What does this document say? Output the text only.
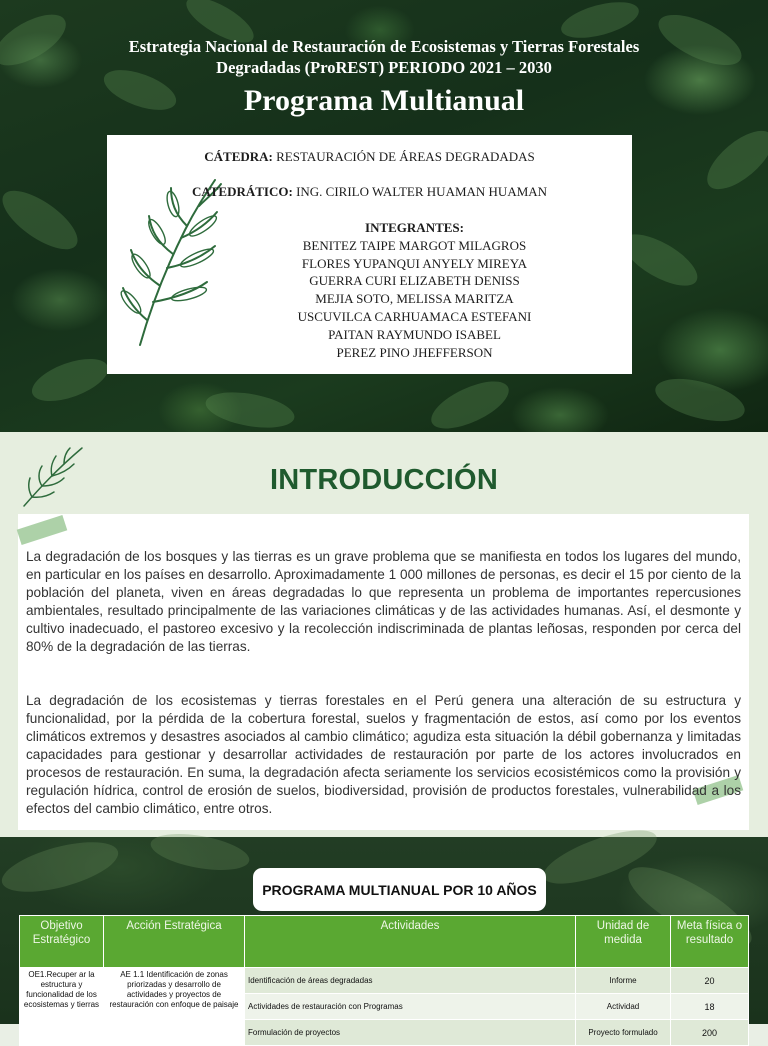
Estrategia Nacional de Restauración de Ecosistemas y Tierras Forestales
Degradadas (ProREST) PERIODO 2021 – 2030
Programa Multianual
CÁTEDRA: RESTAURACIÓN DE ÁREAS DEGRADADAS
CATEDRÁTICO: ING. CIRILO WALTER HUAMAN HUAMAN
INTEGRANTES:
BENITEZ TAIPE MARGOT MILAGROS
FLORES YUPANQUI ANYELY MIREYA
GUERRA CURI ELIZABETH DENISS
MEJIA SOTO, MELISSA MARITZA
USCUVILCA CARHUAMACA ESTEFANI
PAITAN RAYMUNDO ISABEL
PEREZ PINO JHEFFERSON
INTRODUCCIÓN

La degradación de los bosques y las tierras es un grave problema que se manifiesta en todos los lugares del mundo, en particular en los países en desarrollo. Aproximadamente 1 000 millones de personas, es decir el 15 por ciento de la población del planeta, viven en áreas degradadas lo que representa un problema de importantes repercusiones ambientales, resultado principalmente de las variaciones climáticas y de las actividades humanas. Así, el desmonte y cultivo inadecuado, el pastoreo excesivo y la recolección indiscriminada de plantas leñosas, responden por cerca del 80% de la degradación de las tierras.

La degradación de los ecosistemas y tierras forestales en el Perú genera una alteración de su estructura y funcionalidad, por la pérdida de la cobertura forestal, suelos y fragmentación de estos, así como por los eventos climáticos extremos y desastres asociados al cambio climático; agudiza esta situación la débil gobernanza y limitadas capacidades para gestionar y desarrollar actividades de restauración por parte de los actores involucrados en procesos de restauración. En suma, la degradación afecta seriamente los servicios ecosistémicos como la provisión y regulación hídrica, control de erosión de suelos, biodiversidad, provisión de productos forestales, vulnerabilidad a los efectos del cambio climático, entre otros.

PROGRAMA MULTIANUAL POR 10 AÑOS
Objetivo Estratégico	Acción Estratégica	Actividades	Unidad de medida	Meta física o resultado
OE1.Recuper ar la estructura y funcionalidad de los ecosistemas y tierras	AE 1.1 Identificación de zonas priorizadas y desarrollo de actividades y proyectos de restauración con enfoque de paisaje	Identificación de áreas degradadas	Informe	20
		Actividades de restauración con Programas	Actividad	18
		Formulación de proyectos	Proyecto formulado	200
